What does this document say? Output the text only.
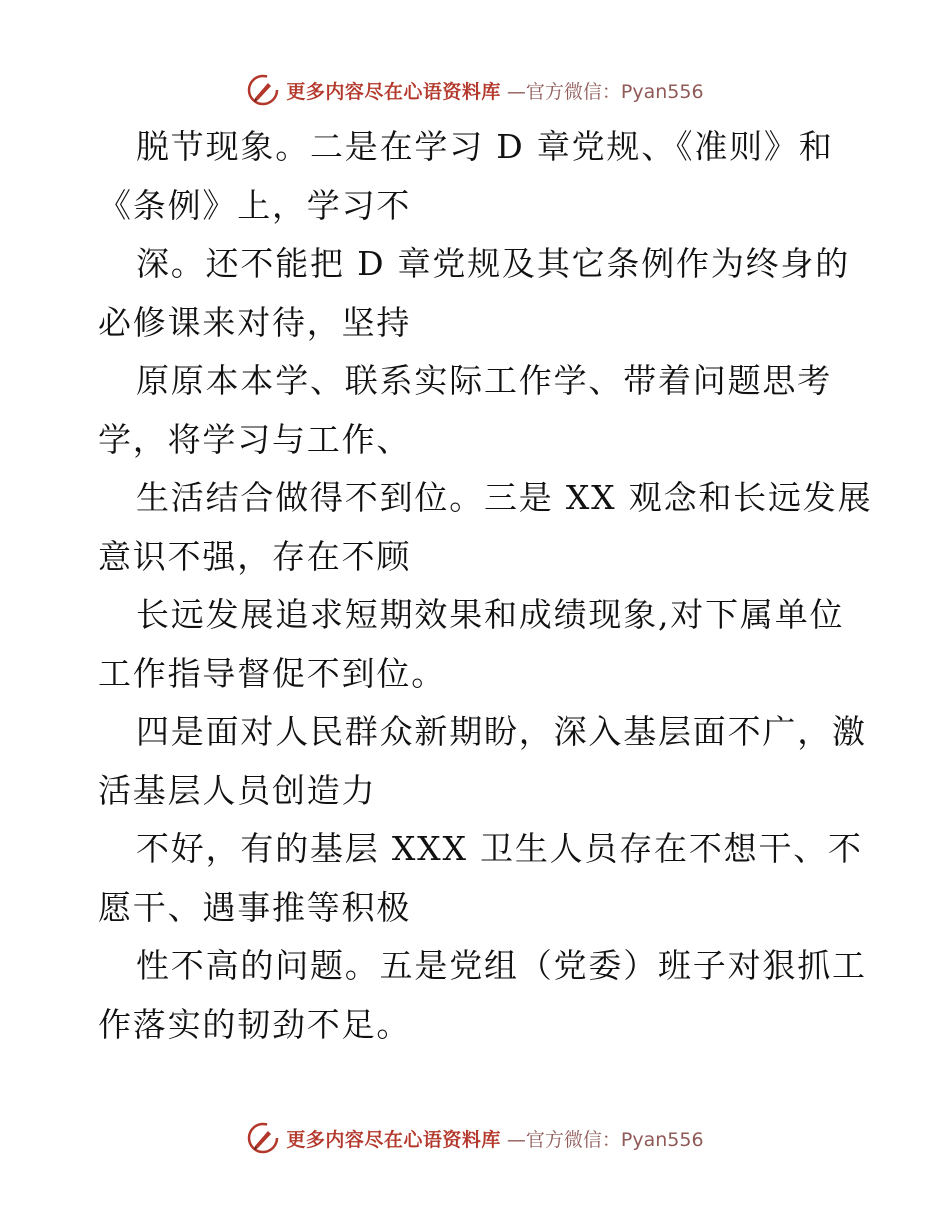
更多内容尽在心语资料库 —官方微信：Pyan556
脱节现象。二是在学习 D 章党规、《准则》和
《条例》上，学习不
深。还不能把 D 章党规及其它条例作为终身的
必修课来对待，坚持
原原本本学、联系实际工作学、带着问题思考
学，将学习与工作、
生活结合做得不到位。三是 XX 观念和长远发展
意识不强，存在不顾
长远发展追求短期效果和成绩现象,对下属单位
工作指导督促不到位。
四是面对人民群众新期盼，深入基层面不广，激
活基层人员创造力
不好，有的基层 XXX 卫生人员存在不想干、不
愿干、遇事推等积极
性不高的问题。五是党组（党委）班子对狠抓工
作落实的韧劲不足。
更多内容尽在心语资料库 —官方微信：Pyan556
